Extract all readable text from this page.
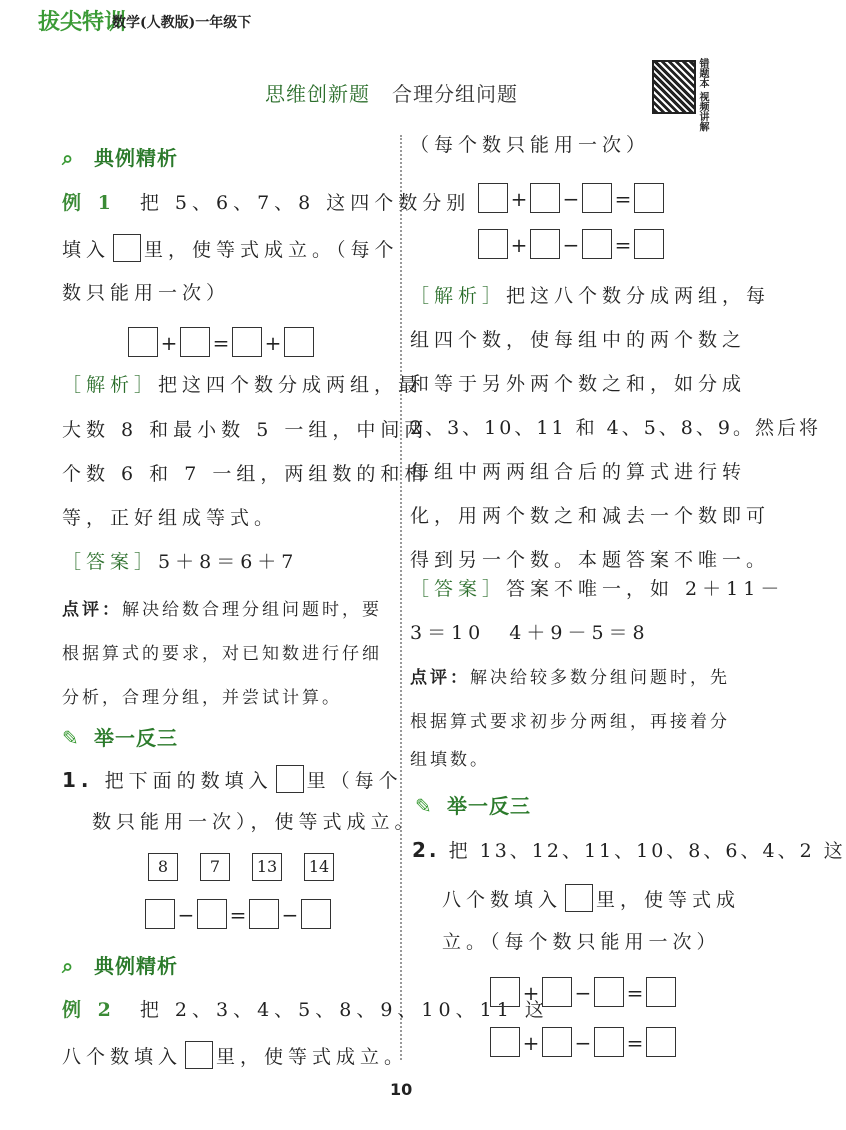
拔尖特训
数学(人教版)一年级下
思维创新题 合理分组问题	错题本 视频讲解
⌕ 典例精析
例 1　 把 5、6、7、8 这四个数分别
填入 里，使等式成立。（每个
数只能用一次）
+ = +
［解析］把这四个数分成两组，最
大数 8 和最小数 5 一组，中间两
个数 6 和 7 一组，两组数的和相
等，正好组成等式。
［答案］5＋8＝6＋7
点评：解决给数合理分组问题时，要
根据算式的要求，对已知数进行仔细
分析，合理分组，并尝试计算。
✎ 举一反三
1. 把下面的数填入 里（每个
数只能用一次），使等式成立。
8	7 13 14
− = −
⌕ 典例精析
例 2　 把 2、3、4、5、8、9、10、11 这
八个数填入 里，使等式成立。
（每个数只能用一次）
+ − =
+ − =
［解析］把这八个数分成两组，每
组四个数，使每组中的两个数之
和等于另外两个数之和，如分成
2、3、10、11 和 4、5、8、9。然后将
每组中两两组合后的算式进行转
化，用两个数之和减去一个数即可
得到另一个数。本题答案不唯一。
［答案］答案不唯一，如 2＋11－
3＝10　4＋9－5＝8
点评：解决给较多数分组问题时，先
根据算式要求初步分两组，再接着分
组填数。
✎ 举一反三
2. 把 13、12、11、10、8、6、4、2 这
八个数填入 里，使等式成
立。（每个数只能用一次）
+ − =
+ − =
10
